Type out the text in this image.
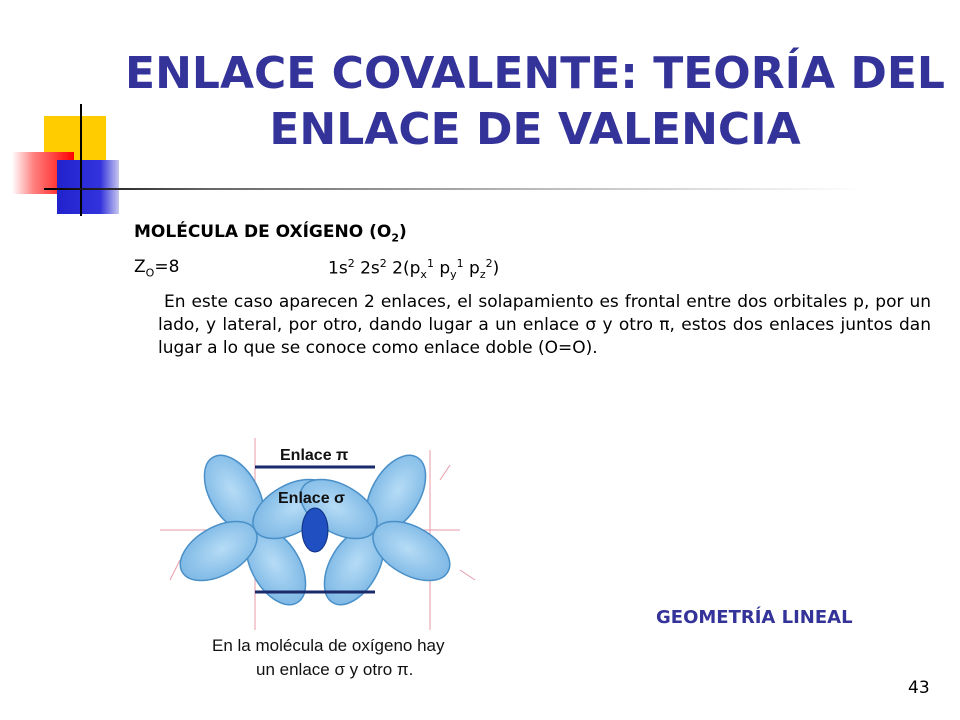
ENLACE COVALENTE: TEORÍA DEL ENLACE DE VALENCIA
MOLÉCULA DE OXÍGENO $(O_2)$
$Z_O=8$	$1s^2$ $2s^2$ $2(p_x^1$ $p_y^1$ $p_z^2$)

En este caso aparecen 2 enlaces, el solapamiento es frontal entre dos orbitales p, por un lado, y lateral, por otro, dando lugar a un enlace σ y otro π, estos dos enlaces juntos dan lugar a lo que se conoce como enlace doble (O=O).

Enlace π
Enlace σ
En la molécula de oxígeno hay
un enlace σ y otro π.
GEOMETRÍA LINEAL
43
